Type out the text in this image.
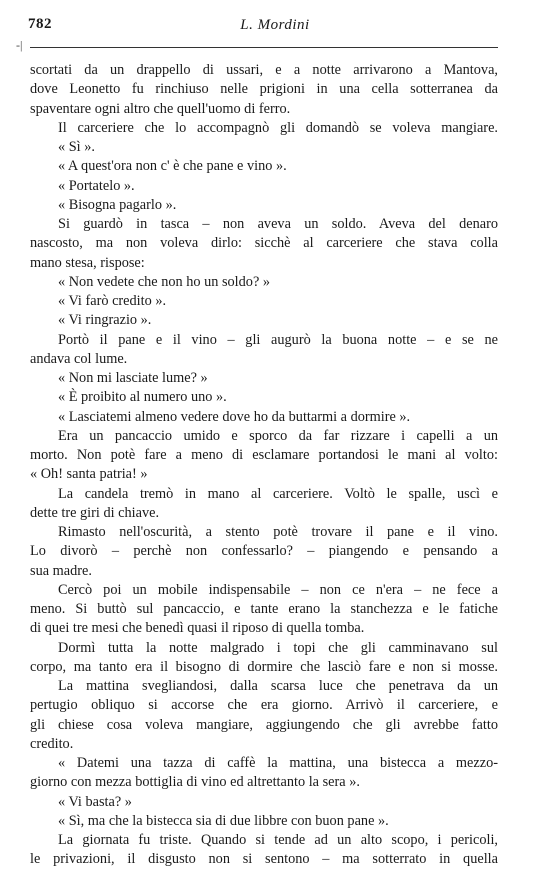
782	L. Mordini
-|
scortati da un drappello di ussari, e a notte arrivarono a Mantova,
dove Leonetto fu rinchiuso nelle prigioni in una cella sotterranea da
spaventare ogni altro che quell'uomo di ferro.
Il carceriere che lo accompagnò gli domandò se voleva mangiare.
« Sì ».
« A quest'ora non c' è che pane e vino ».
« Portatelo ».
« Bisogna pagarlo ».
Si guardò in tasca – non aveva un soldo. Aveva del denaro
nascosto, ma non voleva dirlo: sicchè al carceriere che stava colla
mano stesa, rispose:
« Non vedete che non ho un soldo? »
« Vi farò credito ».
« Vi ringrazio ».
Portò il pane e il vino – gli augurò la buona notte – e se ne
andava col lume.
« Non mi lasciate lume? »
« È proibito al numero uno ».
« Lasciatemi almeno vedere dove ho da buttarmi a dormire ».
Era un pancaccio umido e sporco da far rizzare i capelli a un
morto. Non potè fare a meno di esclamare portandosi le mani al volto:
« Oh! santa patria! »
La candela tremò in mano al carceriere. Voltò le spalle, uscì e
dette tre giri di chiave.
Rimasto nell'oscurità, a stento potè trovare il pane e il vino.
Lo divorò – perchè non confessarlo? – piangendo e pensando a
sua madre.
Cercò poi un mobile indispensabile – non ce n'era – ne fece a
meno. Si buttò sul pancaccio, e tante erano la stanchezza e le fatiche
di quei tre mesi che benedì quasi il riposo di quella tomba.
Dormì tutta la notte malgrado i topi che gli camminavano sul
corpo, ma tanto era il bisogno di dormire che lasciò fare e non si mosse.
La mattina svegliandosi, dalla scarsa luce che penetrava da un
pertugio obliquo si accorse che era giorno. Arrivò il carceriere, e
gli chiese cosa voleva mangiare, aggiungendo che gli avrebbe fatto
credito.
« Datemi una tazza di caffè la mattina, una bistecca a mezzo-
giorno con mezza bottiglia di vino ed altrettanto la sera ».
« Vi basta? »
« Sì, ma che la bistecca sia di due libbre con buon pane ».
La giornata fu triste. Quando si tende ad un alto scopo, i pericoli,
le privazioni, il disgusto non si sentono – ma sotterrato in quella
